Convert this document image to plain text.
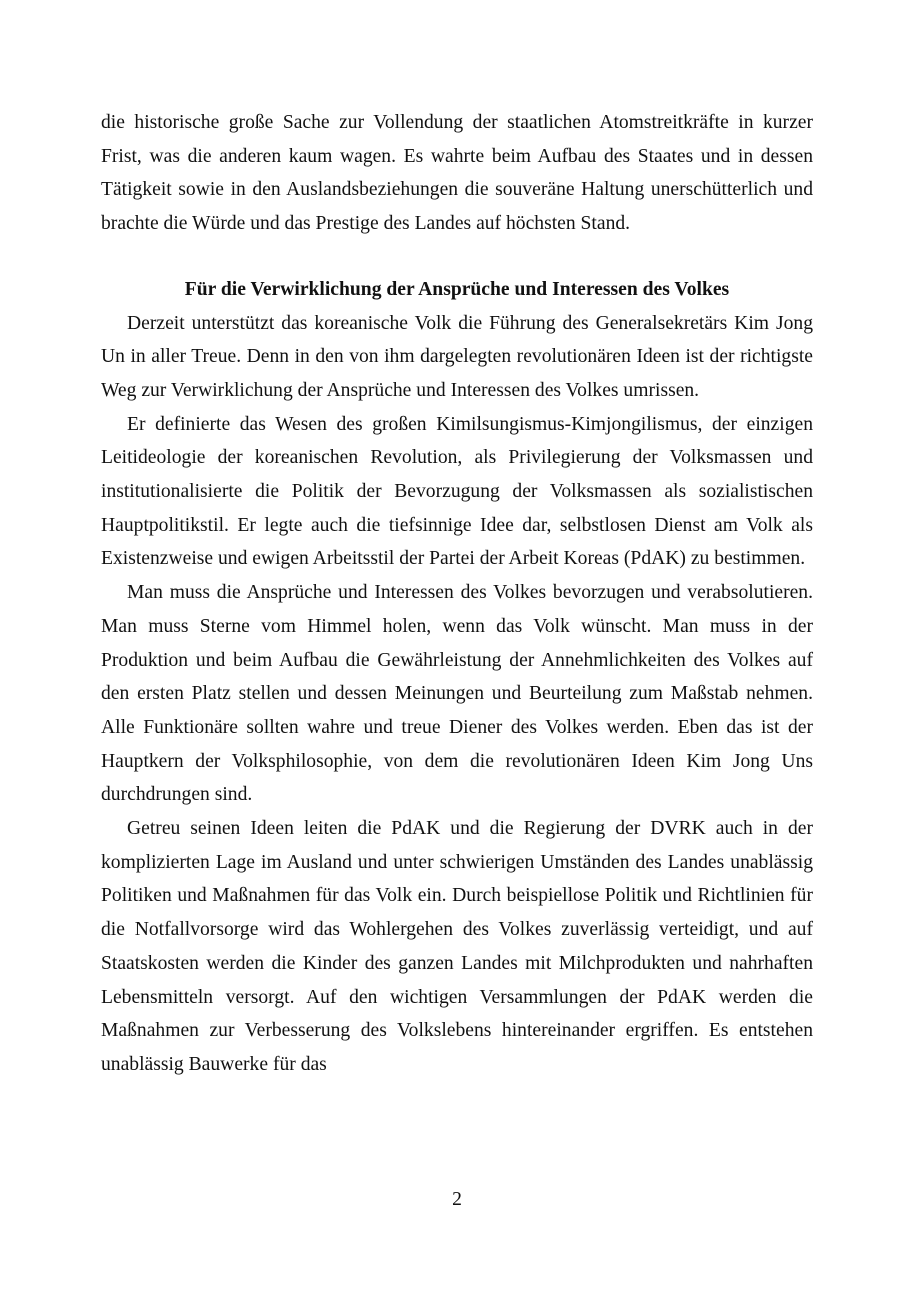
die historische große Sache zur Vollendung der staatlichen Atomstreitkräfte in kurzer Frist, was die anderen kaum wagen. Es wahrte beim Aufbau des Staates und in dessen Tätigkeit sowie in den Auslandsbeziehungen die souveräne Haltung unerschütterlich und brachte die Würde und das Prestige des Landes auf höchsten Stand.

Für die Verwirklichung der Ansprüche und Interessen des Volkes

Derzeit unterstützt das koreanische Volk die Führung des Generalsekretärs Kim Jong Un in aller Treue. Denn in den von ihm dargelegten revolutionären Ideen ist der richtigste Weg zur Verwirklichung der Ansprüche und Interessen des Volkes umrissen.

Er definierte das Wesen des großen Kimilsungismus-Kimjongilismus, der einzigen Leitideologie der koreanischen Revolution, als Privilegierung der Volksmassen und institutionalisierte die Politik der Bevorzugung der Volksmassen als sozialistischen Hauptpolitikstil. Er legte auch die tiefsinnige Idee dar, selbstlosen Dienst am Volk als Existenzweise und ewigen Arbeitsstil der Partei der Arbeit Koreas (PdAK) zu bestimmen.

Man muss die Ansprüche und Interessen des Volkes bevorzugen und verabsolutieren. Man muss Sterne vom Himmel holen, wenn das Volk wünscht. Man muss in der Produktion und beim Aufbau die Gewährleistung der Annehmlichkeiten des Volkes auf den ersten Platz stellen und dessen Meinungen und Beurteilung zum Maßstab nehmen. Alle Funktionäre sollten wahre und treue Diener des Volkes werden. Eben das ist der Hauptkern der Volksphilosophie, von dem die revolutionären Ideen Kim Jong Uns durchdrungen sind.

Getreu seinen Ideen leiten die PdAK und die Regierung der DVRK auch in der komplizierten Lage im Ausland und unter schwierigen Umständen des Landes unablässig Politiken und Maßnahmen für das Volk ein. Durch beispiellose Politik und Richtlinien für die Notfallvorsorge wird das Wohlergehen des Volkes zuverlässig verteidigt, und auf Staatskosten werden die Kinder des ganzen Landes mit Milchprodukten und nahrhaften Lebensmitteln versorgt. Auf den wichtigen Versammlungen der PdAK werden die Maßnahmen zur Verbesserung des Volkslebens hintereinander ergriffen. Es entstehen unablässig Bauwerke für das

2
